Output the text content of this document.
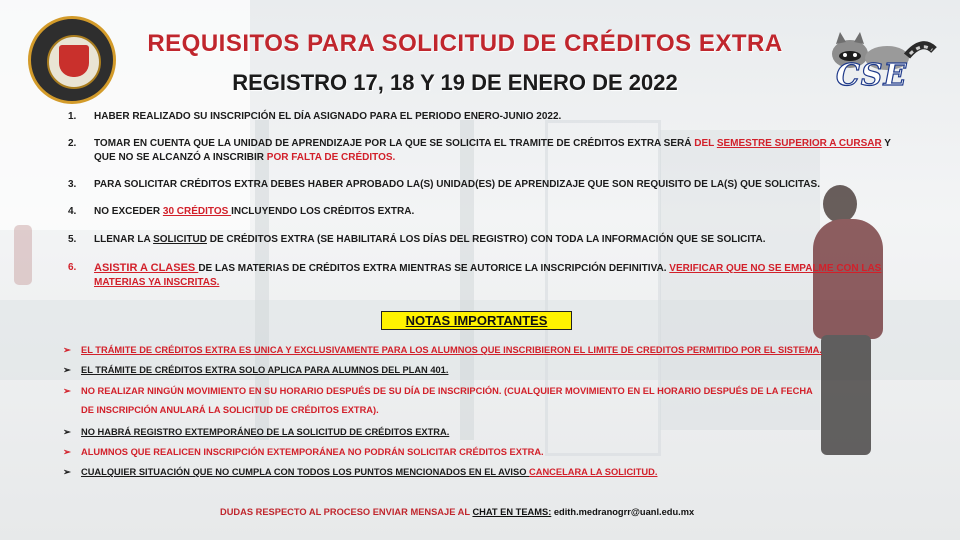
CSE
REQUISITOS PARA SOLICITUD DE CRÉDITOS EXTRA
REGISTRO 17, 18 Y 19 DE ENERO DE 2022
1. HABER REALIZADO SU INSCRIPCIÓN EL DÍA ASIGNADO PARA EL PERIODO ENERO-JUNIO 2022.
2. TOMAR EN CUENTA QUE LA UNIDAD DE APRENDIZAJE POR LA QUE SE SOLICITA EL TRAMITE DE CRÉDITOS EXTRA SERÁ DEL SEMESTRE SUPERIOR A CURSAR Y QUE NO SE ALCANZÓ A INSCRIBIR POR FALTA DE CRÉDITOS.
3. PARA SOLICITAR CRÉDITOS EXTRA DEBES HABER APROBADO LA(S) UNIDAD(ES) DE APRENDIZAJE QUE SON REQUISITO DE LA(S) QUE SOLICITAS.
4. NO EXCEDER 30 CRÉDITOS INCLUYENDO LOS CRÉDITOS EXTRA.
5. LLENAR LA SOLICITUD DE CRÉDITOS EXTRA (SE HABILITARÁ LOS DÍAS DEL REGISTRO) CON TODA LA INFORMACIÓN QUE SE SOLICITA.
6. ASISTIR A CLASES DE LAS MATERIAS DE CRÉDITOS EXTRA MIENTRAS SE AUTORICE LA INSCRIPCIÓN DEFINITIVA. VERIFICAR QUE NO SE EMPALME CON LAS MATERIAS YA INSCRITAS.
NOTAS IMPORTANTES
➢ EL TRÁMITE DE CRÉDITOS EXTRA ES UNICA Y EXCLUSIVAMENTE PARA LOS ALUMNOS QUE INSCRIBIERON EL LIMITE DE CREDITOS PERMITIDO POR EL SISTEMA.
➢ EL TRÁMITE DE CRÉDITOS EXTRA SOLO APLICA PARA ALUMNOS DEL PLAN 401.
➢ NO REALIZAR NINGÚN MOVIMIENTO EN SU HORARIO DESPUÉS DE SU DÍA DE INSCRIPCIÓN. (CUALQUIER MOVIMIENTO EN EL HORARIO DESPUÉS DE LA FECHA
DE INSCRIPCIÓN ANULARÁ LA SOLICITUD DE CRÉDITOS EXTRA).
➢ NO HABRÁ REGISTRO EXTEMPORÁNEO DE LA SOLICITUD DE CRÉDITOS EXTRA.
➢ ALUMNOS QUE REALICEN INSCRIPCIÓN EXTEMPORÁNEA NO PODRÁN SOLICITAR CRÉDITOS EXTRA.
➢ CUALQUIER SITUACIÓN QUE NO CUMPLA CON TODOS LOS PUNTOS MENCIONADOS EN EL AVISO CANCELARA LA SOLICITUD.
DUDAS RESPECTO AL PROCESO ENVIAR MENSAJE AL CHAT EN TEAMS: edith.medranogrr@uanl.edu.mx
